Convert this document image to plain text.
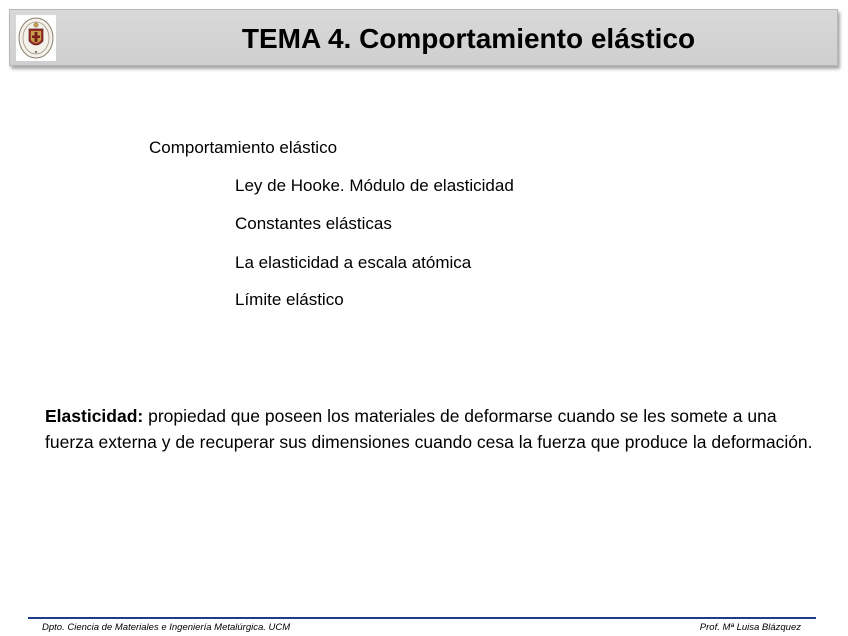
TEMA 4. Comportamiento elástico
Comportamiento elástico
Ley de Hooke. Módulo de elasticidad
Constantes elásticas
La elasticidad a escala atómica
Límite elástico
Elasticidad: propiedad que poseen los materiales de deformarse cuando se les somete a una fuerza externa y de recuperar sus dimensiones cuando cesa la fuerza que produce la deformación.
Dpto. Ciencia de Materiales e Ingeniería Metalúrgica. UCM	Prof. Mª Luisa Blázquez
